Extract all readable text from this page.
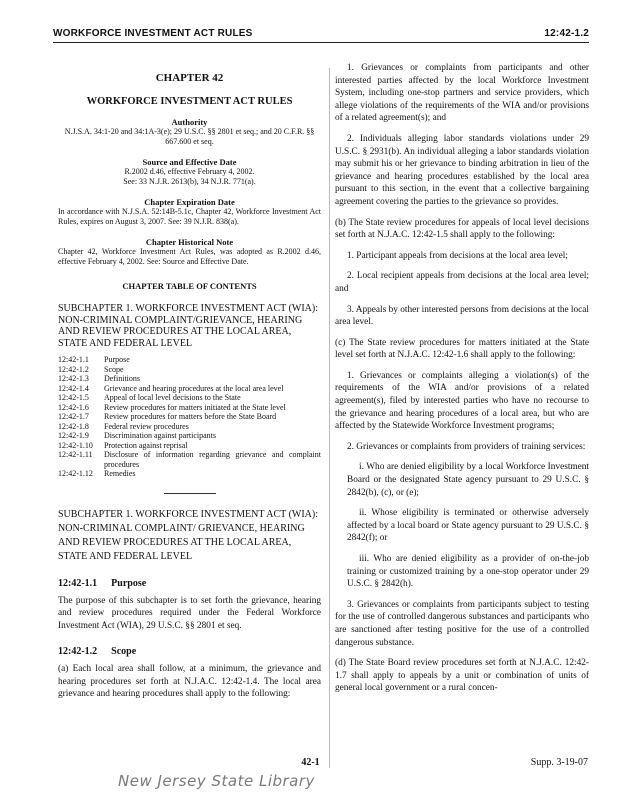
WORKFORCE INVESTMENT ACT RULES	12:42-1.2
CHAPTER 42
WORKFORCE INVESTMENT ACT RULES
Authority
N.J.S.A. 34:1-20 and 34:1A-3(e); 29 U.S.C. §§ 2801 et seq.; and 20 C.F.R. §§ 667.600 et seq.
Source and Effective Date
R.2002 d.46, effective February 4, 2002.
See: 33 N.J.R. 2613(b), 34 N.J.R. 771(a).
Chapter Expiration Date
In accordance with N.J.S.A. 52:14B-5.1c, Chapter 42, Workforce Investment Act Rules, expires on August 3, 2007. See: 39 N.J.R. 838(a).
Chapter Historical Note
Chapter 42, Workforce Investment Act Rules, was adopted as R.2002 d.46, effective February 4, 2002. See: Source and Effective Date.
CHAPTER TABLE OF CONTENTS
SUBCHAPTER 1. WORKFORCE INVESTMENT ACT (WIA): NON-CRIMINAL COMPLAINT/GRIEVANCE, HEARING AND REVIEW PROCEDURES AT THE LOCAL AREA, STATE AND FEDERAL LEVEL
12:42-1.1	Purpose
12:42-1.2	Scope
12:42-1.3	Definitions
12:42-1.4	Grievance and hearing procedures at the local area level
12:42-1.5	Appeal of local level decisions to the State
12:42-1.6	Review procedures for matters initiated at the State level
12:42-1.7	Review procedures for matters before the State Board
12:42-1.8	Federal review procedures
12:42-1.9	Discrimination against participants
12:42-1.10	Protection against reprisal
12:42-1.11	Disclosure of information regarding grievance and complaint procedures
12:42-1.12	Remedies
SUBCHAPTER 1. WORKFORCE INVESTMENT ACT (WIA): NON-CRIMINAL COMPLAINT/ GRIEVANCE, HEARING AND REVIEW PROCEDURES AT THE LOCAL AREA, STATE AND FEDERAL LEVEL
12:42-1.1 Purpose
The purpose of this subchapter is to set forth the grievance, hearing and review procedures required under the Federal Workforce Investment Act (WIA), 29 U.S.C. §§ 2801 et seq.
12:42-1.2 Scope
(a) Each local area shall follow, at a minimum, the grievance and hearing procedures set forth at N.J.A.C. 12:42-1.4. The local area grievance and hearing procedures shall apply to the following:
1. Grievances or complaints from participants and other interested parties affected by the local Workforce Investment System, including one-stop partners and service providers, which allege violations of the requirements of the WIA and/or provisions of a related agreement(s); and
2. Individuals alleging labor standards violations under 29 U.S.C. § 2931(b). An individual alleging a labor standards violation may submit his or her grievance to binding arbitration in lieu of the grievance and hearing procedures established by the local area pursuant to this section, in the event that a collective bargaining agreement covering the parties to the grievance so provides.
(b) The State review procedures for appeals of local level decisions set forth at N.J.A.C. 12:42-1.5 shall apply to the following:
1. Participant appeals from decisions at the local area level;
2. Local recipient appeals from decisions at the local area level; and
3. Appeals by other interested persons from decisions at the local area level.
(c) The State review procedures for matters initiated at the State level set forth at N.J.A.C. 12:42-1.6 shall apply to the following:
1. Grievances or complaints alleging a violation(s) of the requirements of the WIA and/or provisions of a related agreement(s), filed by interested parties who have no recourse to the grievance and hearing procedures of a local area, but who are affected by the Statewide Workforce Investment programs;
2. Grievances or complaints from providers of training services:
i. Who are denied eligibility by a local Workforce Investment Board or the designated State agency pursuant to 29 U.S.C. § 2842(b), (c), or (e);
ii. Whose eligibility is terminated or otherwise adversely affected by a local board or State agency pursuant to 29 U.S.C. § 2842(f); or
iii. Who are denied eligibility as a provider of on-the-job training or customized training by a one-stop operator under 29 U.S.C. § 2842(h).
3. Grievances or complaints from participants subject to testing for the use of controlled dangerous substances and participants who are sanctioned after testing positive for the use of a controlled dangerous substance.
(d) The State Board review procedures set forth at N.J.A.C. 12:42-1.7 shall apply to appeals by a unit or combination of units of general local government or a rural concen-
42-1	Supp. 3-19-07
New Jersey State Library
